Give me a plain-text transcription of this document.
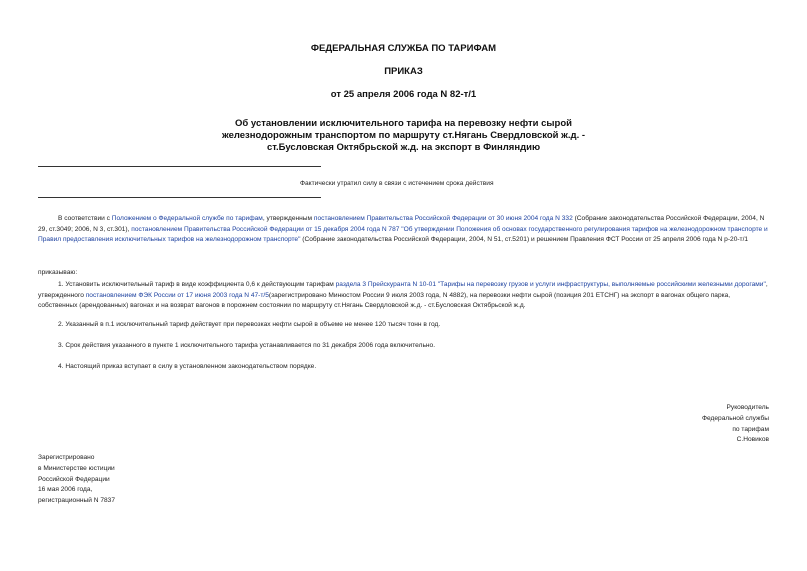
ФЕДЕРАЛЬНАЯ СЛУЖБА ПО ТАРИФАМ
ПРИКАЗ
от 25 апреля 2006 года N 82-т/1
Об установлении исключительного тарифа на перевозку нефти сырой
железнодорожным транспортом по маршруту ст.Нягань Свердловской ж.д. -
ст.Бусловская Октябрьской ж.д. на экспорт в Финляндию
Фактически утратил силу в связи с истечением срока действия
В соответствии с Положением о Федеральной службе по тарифам, утвержденным постановлением Правительства Российской Федерации от 30 июня 2004 года N 332 (Собрание законодательства Российской Федерации, 2004, N 29, ст.3049; 2006, N 3, ст.301), постановлением Правительства Российской Федерации от 15 декабря 2004 года N 787 "Об утверждении Положения об основах государственного регулирования тарифов на железнодорожном транспорте и Правил предоставления исключительных тарифов на железнодорожном транспорте" (Собрание законодательства Российской Федерации, 2004, N 51, ст.5201) и решением Правления ФСТ России от 25 апреля 2006 года N р-20-т/1
приказываю:
1. Установить исключительный тариф в виде коэффициента 0,6 к действующим тарифам раздела 3 Прейскуранта N 10-01 "Тарифы на перевозку грузов и услуги инфраструктуры, выполняемые российскими железными дорогами", утвержденного постановлением ФЭК России от 17 июня 2003 года N 47-т/5(зарегистрировано Минюстом России 9 июля 2003 года, N 4882), на перевозки нефти сырой (позиция 201 ЕТСНГ) на экспорт в вагонах общего парка, собственных (арендованных) вагонах и на возврат вагонов в порожнем состоянии по маршруту ст.Нягань Свердловской ж.д. - ст.Бусловская Октябрьской ж.д.
2. Указанный в п.1 исключительный тариф действует при перевозках нефти сырой в объеме не менее 120 тысяч тонн в год.
3. Срок действия указанного в пункте 1 исключительного тарифа устанавливается по 31 декабря 2006 года включительно.
4. Настоящий приказ вступает в силу в установленном законодательством порядке.
Руководитель
Федеральной службы
по тарифам
С.Новиков
Зарегистрировано
в Министерстве юстиции
Российской Федерации
16 мая 2006 года,
регистрационный N 7837
